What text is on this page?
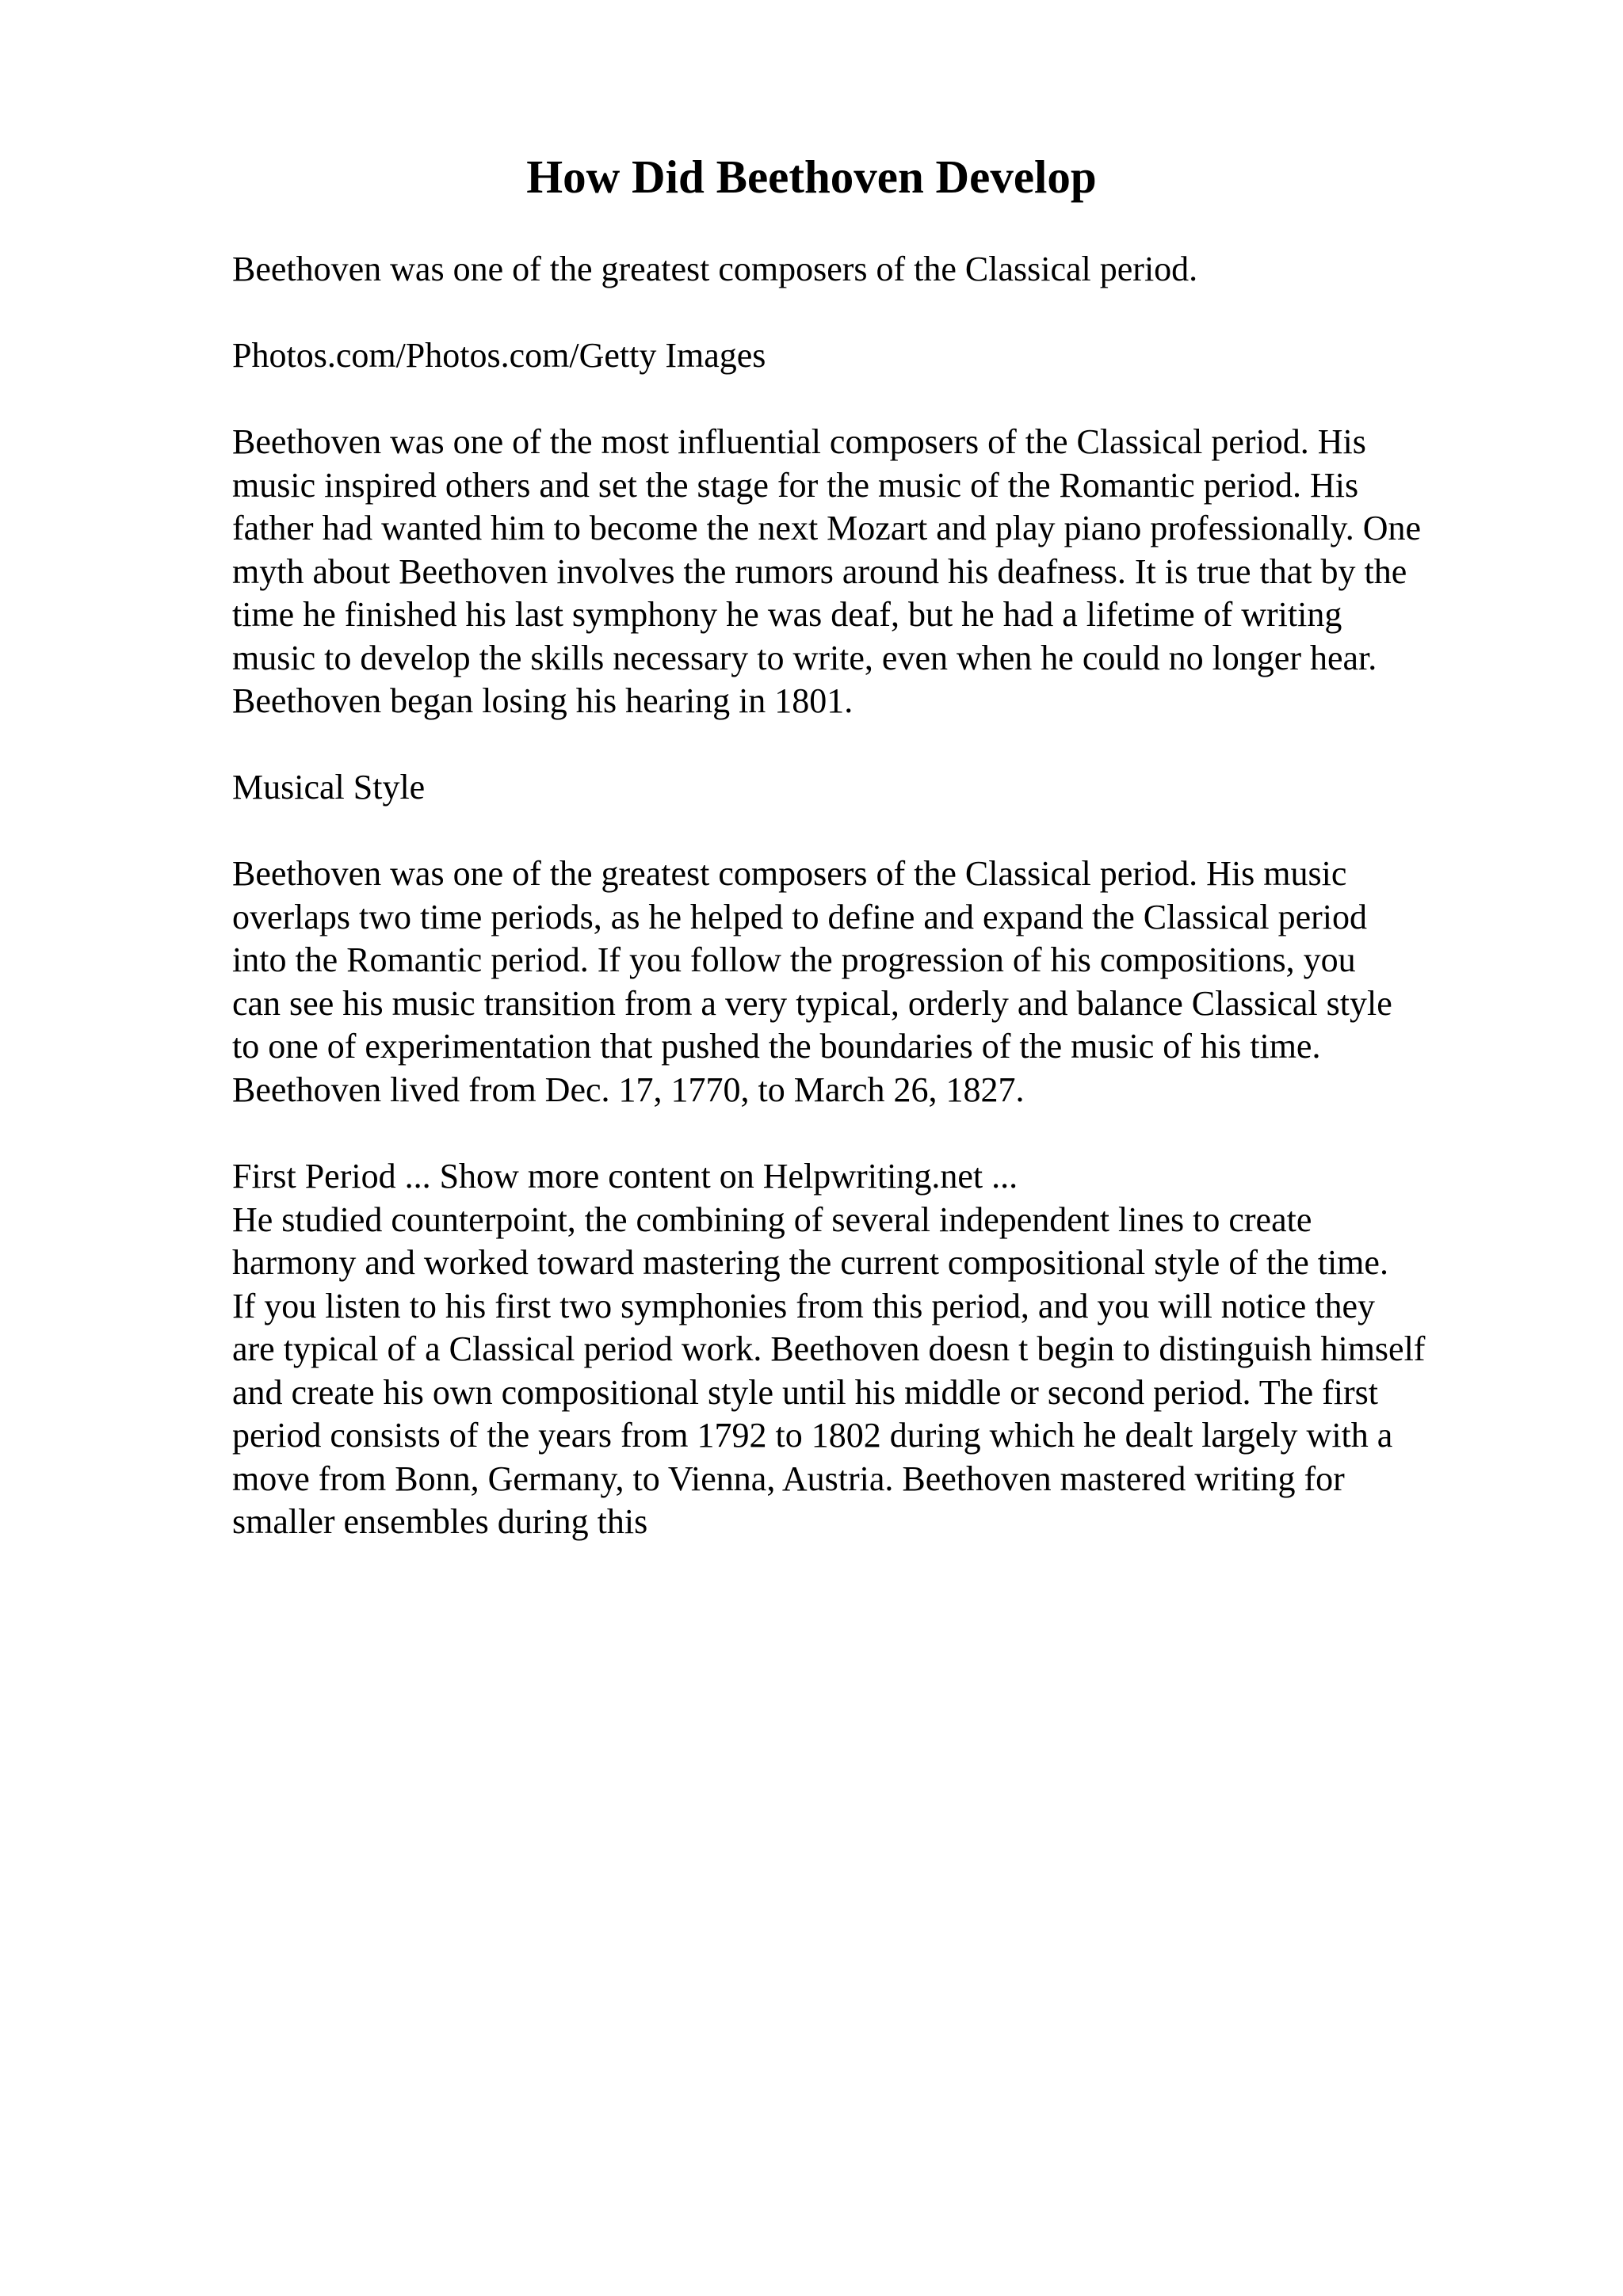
How Did Beethoven Develop

Beethoven was one of the greatest composers of the Classical period.

Photos.com/Photos.com/Getty Images

Beethoven was one of the most influential composers of the Classical period. His
music inspired others and set the stage for the music of the Romantic period. His
father had wanted him to become the next Mozart and play piano professionally. One
myth about Beethoven involves the rumors around his deafness. It is true that by the
time he finished his last symphony he was deaf, but he had a lifetime of writing
music to develop the skills necessary to write, even when he could no longer hear.
Beethoven began losing his hearing in 1801.

Musical Style

Beethoven was one of the greatest composers of the Classical period. His music
overlaps two time periods, as he helped to define and expand the Classical period
into the Romantic period. If you follow the progression of his compositions, you
can see his music transition from a very typical, orderly and balance Classical style
to one of experimentation that pushed the boundaries of the music of his time.
Beethoven lived from Dec. 17, 1770, to March 26, 1827.

First Period ... Show more content on Helpwriting.net ...
He studied counterpoint, the combining of several independent lines to create
harmony and worked toward mastering the current compositional style of the time.
If you listen to his first two symphonies from this period, and you will notice they
are typical of a Classical period work. Beethoven doesn t begin to distinguish himself
and create his own compositional style until his middle or second period. The first
period consists of the years from 1792 to 1802 during which he dealt largely with a
move from Bonn, Germany, to Vienna, Austria. Beethoven mastered writing for
smaller ensembles during this
